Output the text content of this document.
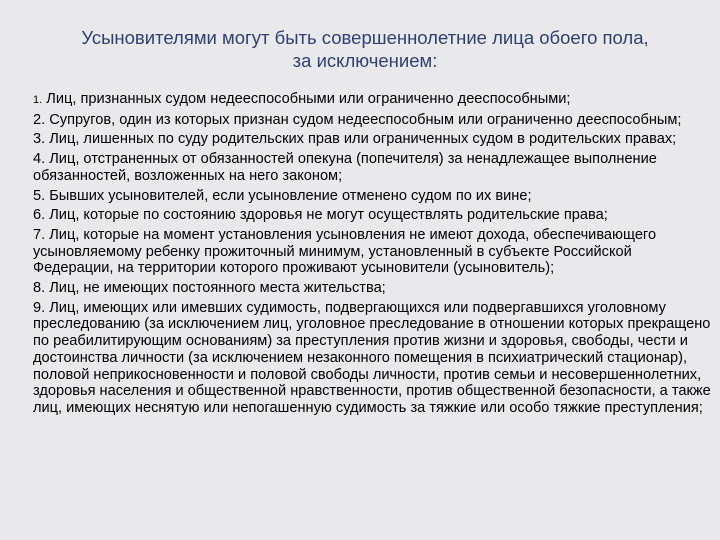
Усыновителями могут быть совершеннолетние лица обоего пола,
за исключением:
1. Лиц, признанных судом недееспособными или ограниченно дееспособными;
2. Супругов, один из которых признан судом недееспособным или ограниченно дееспособным;
3. Лиц, лишенных по суду родительских прав или ограниченных судом в родительских правах;
4. Лиц, отстраненных от обязанностей опекуна (попечителя) за ненадлежащее выполнение обязанностей, возложенных на него законом;
5. Бывших усыновителей, если усыновление отменено судом по их вине;
6. Лиц, которые по состоянию здоровья не могут осуществлять родительские права;
7. Лиц, которые на момент установления усыновления не имеют дохода, обеспечивающего усыновляемому ребенку прожиточный минимум, установленный в субъекте Российской Федерации, на территории которого проживают усыновители (усыновитель);
8. Лиц, не имеющих постоянного места жительства;
9. Лиц, имеющих или имевших судимость, подвергающихся или подвергавшихся уголовному преследованию (за исключением лиц, уголовное преследование в отношении которых прекращено по реабилитирующим основаниям) за преступления против жизни и здоровья, свободы, чести и достоинства личности (за исключением незаконного помещения в психиатрический стационар), половой неприкосновенности и половой свободы личности, против семьи и несовершеннолетних, здоровья населения и общественной нравственности, против общественной безопасности, а также лиц, имеющих неснятую или непогашенную судимость за тяжкие или особо тяжкие преступления;
